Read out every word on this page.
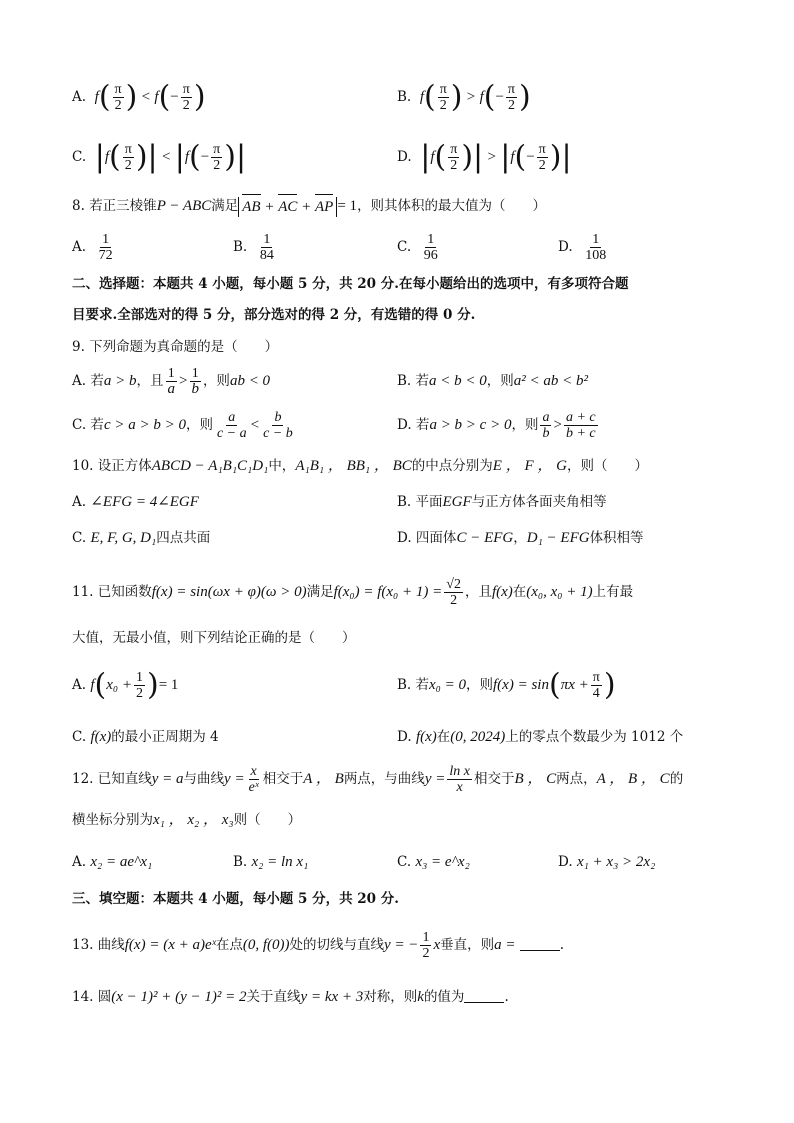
A. $f( \frac{\pi}{2}$ ) < $f(- \frac{\pi}{2}$ )	B. $f( \frac{\pi}{2}$ ) > $f(- \frac{\pi}{2}$ )
C. $|f( \frac{\pi}{2}$ )| < $|f(- \frac{\pi}{2}$ )|	D. $|f( \frac{\pi}{2}$ )| > $|f(- \frac{\pi}{2}$ )|
8. 若正三棱锥P − ABC满足 AB + AC + AP = 1，则其体积的最大值为（　　）
A. $\frac{1}{72}$	B. $\frac{1}{84}$	C. $\frac{1}{96}$	D. $\frac{1}{108}$
二、选择题：本题共 4 小题，每小题 5 分，共 20 分.在每小题给出的选项中，有多项符合题
目要求.全部选对的得 5 分，部分选对的得 2 分，有选错的得 0 分.
9. 下列命题为真命题的是（　　）
A. 若a > b，且 $\frac{1}{a} > \frac{1}{b}$ ，则ab < 0	B. 若a < b < 0，则a² < ab < b²
C. 若c > a > b > 0，则 $\frac{a}{c - a} < \frac{b}{c - b}$	D. 若a > b > c > 0，则 $\frac{a}{b} > \frac{a + c}{b + c}$
10. 设正方体ABCD − A₁B₁C₁D₁中，A₁B₁ ， BB₁ ， BC的中点分别为E ， F ， G，则（　　）
A. ∠EFG = 4∠EGF	B. 平面EGF与正方体各面夹角相等
C. E, F, G, D₁四点共面	D. 四面体C − EFG，D₁ − EFG体积相等
11. 已知函数f(x) = sin(ωx + φ)(ω > 0)满足$f(x_0) = f(x_0 + 1) = \frac{√2}{2}$ ，且f(x)在(x₀, x₀ + 1)上有最
大值，无最小值，则下列结论正确的是（　　）
A. $f(x_0 + \frac{1}{2}$ )= 1	B. 若x₀ = 0，则$f(x) = \sin(\pi x + \frac{\pi}{4}$ )
C. f(x)的最小正周期为 4	D. f(x)在(0, 2024)上的零点个数最少为 1012 个
12. 已知直线y = a与曲线$y = \frac{x}{\text{eˣ}}$ 相交于A ， B两点，与曲线$y = \frac{\text{ln x}}{x}$ 相交于B ， C两点，A ， B ， C的
横坐标分别为x₁ ， x₂ ， x₃则（　　）
A. x₂ = ae^x₁	B. x₂ = ln x₁	C. x₃ = e^x₂	D. x₁ + x₃ > 2x₂
三、填空题：本题共 4 小题，每小题 5 分，共 20 分.
13. 曲线f(x) = (x + a)eˣ在点(0, f(0))处的切线与直线y = − $\frac{1}{2}$ x垂直，则a =	.
14. 圆(x − 1)² + (y − 1)² = 2关于直线y = kx + 3对称，则k的值为	.
